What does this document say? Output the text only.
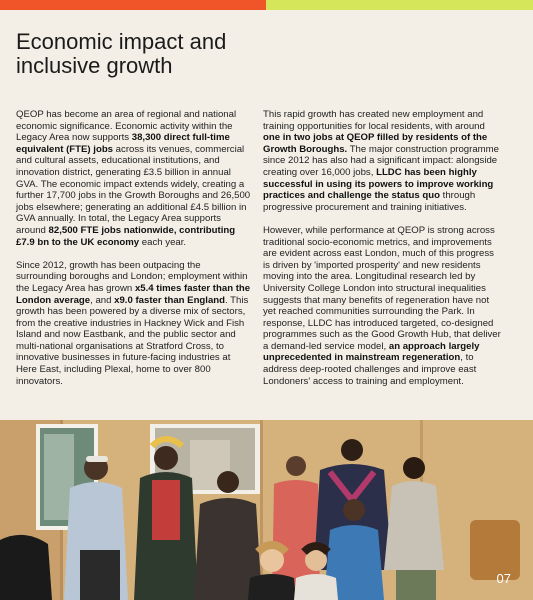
Economic impact and
inclusive growth

QEOP has become an area of regional and national economic significance. Economic activity within the Legacy Area now supports 38,300 direct full-time equivalent (FTE) jobs across its venues, commercial and cultural assets, educational institutions, and innovation district, generating £3.5 billion in annual GVA. The economic impact extends widely, creating a further 17,700 jobs in the Growth Boroughs and 26,500 jobs elsewhere; generating an additional £4.5 billion in GVA annually. In total, the Legacy Area supports around 82,500 FTE jobs nationwide, contributing £7.9 bn to the UK economy each year.

Since 2012, growth has been outpacing the surrounding boroughs and London; employment within the Legacy Area has grown x5.4 times faster than the London average, and x9.0 faster than England. This growth has been powered by a diverse mix of sectors, from the creative industries in Hackney Wick and Fish Island and now Eastbank, and the public sector and multi-national organisations at Stratford Cross, to innovative businesses in future-facing industries at Here East, including Plexal, home to over 800 innovators.

This rapid growth has created new employment and training opportunities for local residents, with around one in two jobs at QEOP filled by residents of the Growth Boroughs. The major construction programme since 2012 has also had a significant impact: alongside creating over 16,000 jobs, LLDC has been highly successful in using its powers to improve working practices and challenge the status quo through progressive procurement and training initiatives.

However, while performance at QEOP is strong across traditional socio-economic metrics, and improvements are evident across east London, much of this progress is driven by 'imported prosperity' and new residents moving into the area. Longitudinal research led by University College London into structural inequalities suggests that many benefits of regeneration have not yet reached communities surrounding the Park. In response, LLDC has introduced targeted, co-designed programmes such as the Good Growth Hub, that deliver a demand-led service model, an approach largely unprecedented in mainstream regeneration, to address deep-rooted challenges and improve east Londoners' access to training and employment.

07
